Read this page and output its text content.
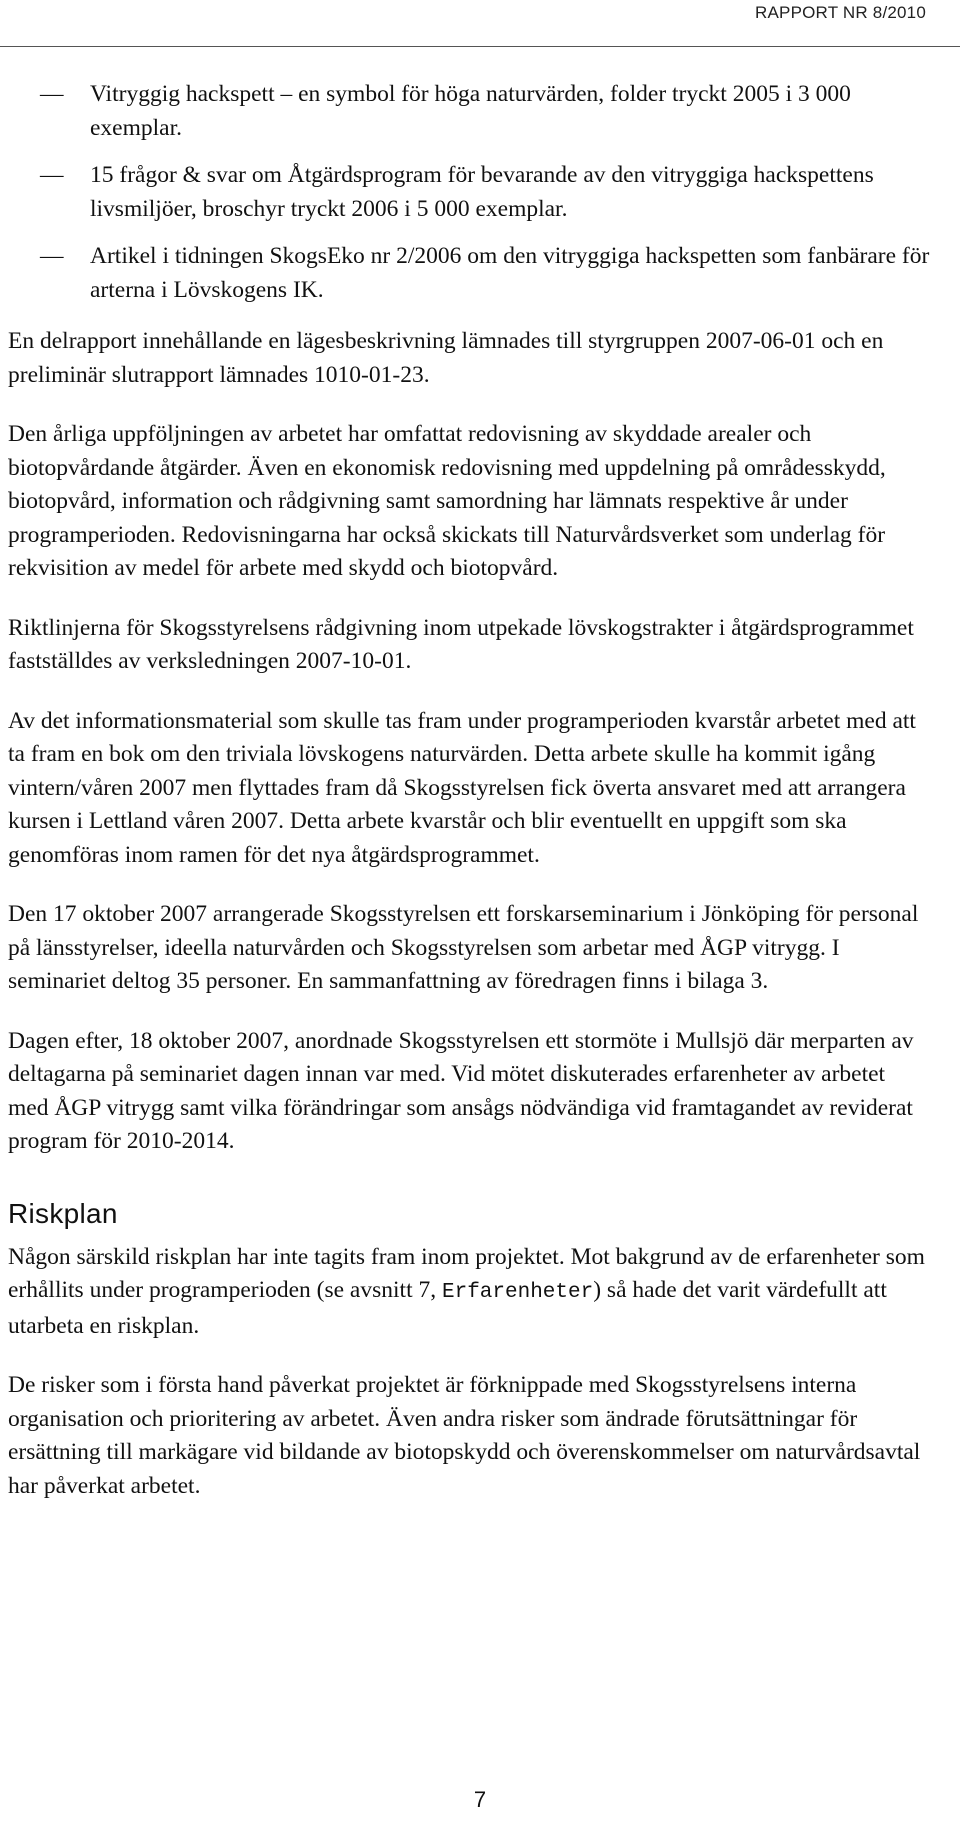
RAPPORT NR 8/2010
— Vitryggig hackspett – en symbol för höga naturvärden, folder tryckt 2005 i 3 000 exemplar.
— 15 frågor & svar om Åtgärdsprogram för bevarande av den vitryggiga hackspettens livsmiljöer, broschyr tryckt 2006 i 5 000 exemplar.
— Artikel i tidningen SkogsEko nr 2/2006 om den vitryggiga hackspetten som fanbärare för arterna i Lövskogens IK.

En delrapport innehållande en lägesbeskrivning lämnades till styrgruppen 2007-06-01 och en preliminär slutrapport lämnades 1010-01-23.

Den årliga uppföljningen av arbetet har omfattat redovisning av skyddade arealer och biotopvårdande åtgärder. Även en ekonomisk redovisning med uppdelning på områdesskydd, biotopvård, information och rådgivning samt samordning har lämnats respektive år under programperioden. Redovisningarna har också skickats till Naturvårdsverket som underlag för rekvisition av medel för arbete med skydd och biotopvård.

Riktlinjerna för Skogsstyrelsens rådgivning inom utpekade lövskogstrakter i åtgärdsprogrammet fastställdes av verksledningen 2007-10-01.

Av det informationsmaterial som skulle tas fram under programperioden kvarstår arbetet med att ta fram en bok om den triviala lövskogens naturvärden. Detta arbete skulle ha kommit igång vintern/våren 2007 men flyttades fram då Skogsstyrelsen fick överta ansvaret med att arrangera kursen i Lettland våren 2007. Detta arbete kvarstår och blir eventuellt en uppgift som ska genomföras inom ramen för det nya åtgärdsprogrammet.

Den 17 oktober 2007 arrangerade Skogsstyrelsen ett forskarseminarium i Jönköping för personal på länsstyrelser, ideella naturvården och Skogsstyrelsen som arbetar med ÅGP vitrygg. I seminariet deltog 35 personer. En sammanfattning av föredragen finns i bilaga 3.

Dagen efter, 18 oktober 2007, anordnade Skogsstyrelsen ett stormöte i Mullsjö där merparten av deltagarna på seminariet dagen innan var med. Vid mötet diskuterades erfarenheter av arbetet med ÅGP vitrygg samt vilka förändringar som ansågs nödvändiga vid framtagandet av reviderat program för 2010-2014.

Riskplan

Någon särskild riskplan har inte tagits fram inom projektet. Mot bakgrund av de erfarenheter som erhållits under programperioden (se avsnitt 7, Erfarenheter) så hade det varit värdefullt att utarbeta en riskplan.

De risker som i första hand påverkat projektet är förknippade med Skogsstyrelsens interna organisation och prioritering av arbetet. Även andra risker som ändrade förutsättningar för ersättning till markägare vid bildande av biotopskydd och överenskommelser om naturvårdsavtal har påverkat arbetet.

7
